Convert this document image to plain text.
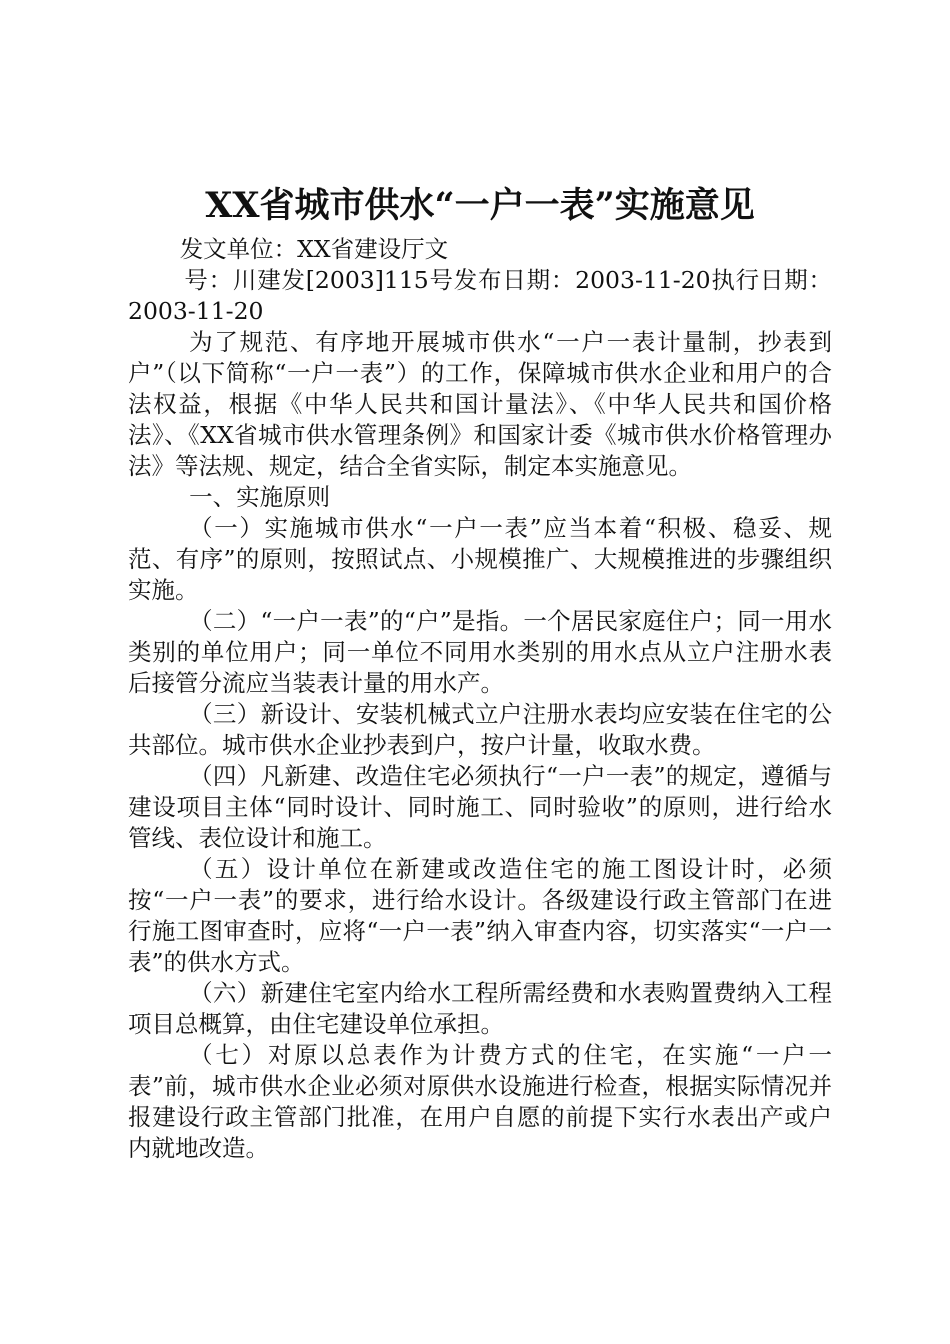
XX省城市供水“一户一表”实施意见

发文单位：XX省建设厅文

号：川建发[2003]115号发布日期：2003-11-20执行日期：2003-11-20

为了规范、有序地开展城市供水“一户一表计量制，抄表到户”（以下简称“一户一表”）的工作，保障城市供水企业和用户的合法权益，根据《中华人民共和国计量法》、《中华人民共和国价格法》、《XX省城市供水管理条例》和国家计委《城市供水价格管理办法》等法规、规定，结合全省实际，制定本实施意见。

一、实施原则

（一）实施城市供水“一户一表”应当本着“积极、稳妥、规范、有序”的原则，按照试点、小规模推广、大规模推进的步骤组织实施。

（二）“一户一表”的“户”是指。一个居民家庭住户；同一用水类别的单位用户；同一单位不同用水类别的用水点从立户注册水表后接管分流应当装表计量的用水产。

（三）新设计、安装机械式立户注册水表均应安装在住宅的公共部位。城市供水企业抄表到户，按户计量，收取水费。

（四）凡新建、改造住宅必须执行“一户一表”的规定，遵循与建设项目主体“同时设计、同时施工、同时验收”的原则，进行给水管线、表位设计和施工。

（五）设计单位在新建或改造住宅的施工图设计时，必须按“一户一表”的要求，进行给水设计。各级建设行政主管部门在进行施工图审查时，应将“一户一表”纳入审查内容，切实落实“一户一表”的供水方式。

（六）新建住宅室内给水工程所需经费和水表购置费纳入工程项目总概算，由住宅建设单位承担。

（七）对原以总表作为计费方式的住宅，在实施“一户一表”前，城市供水企业必须对原供水设施进行检查，根据实际情况并报建设行政主管部门批准，在用户自愿的前提下实行水表出产或户内就地改造。
